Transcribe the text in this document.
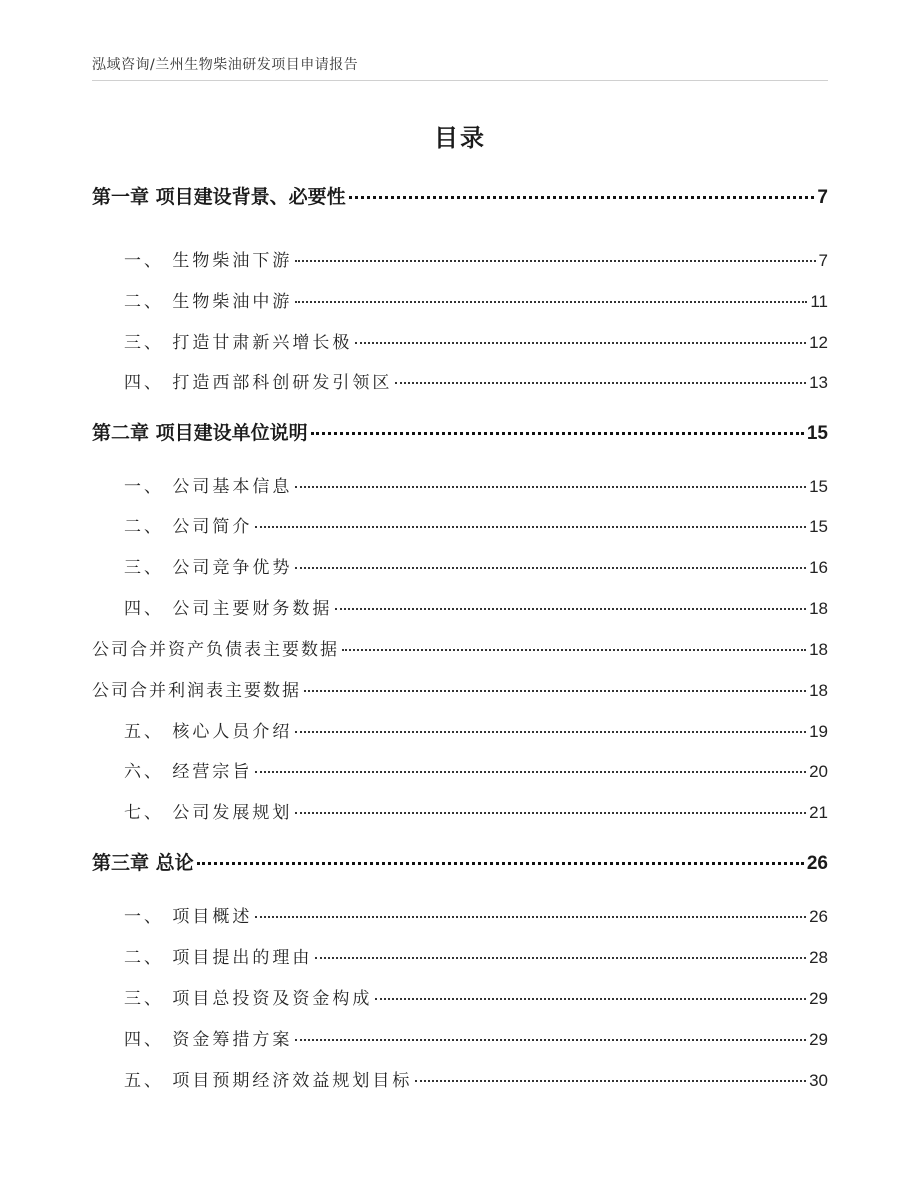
泓域咨询/兰州生物柴油研发项目申请报告
目录
第一章 项目建设背景、必要性	7
一、 生物柴油下游	7
二、 生物柴油中游	11
三、 打造甘肃新兴增长极	12
四、 打造西部科创研发引领区	13
第二章 项目建设单位说明	15
一、 公司基本信息	15
二、 公司简介	15
三、 公司竞争优势	16
四、 公司主要财务数据	18
公司合并资产负债表主要数据	18
公司合并利润表主要数据	18
五、 核心人员介绍	19
六、 经营宗旨	20
七、 公司发展规划	21
第三章 总论	26
一、 项目概述	26
二、 项目提出的理由	28
三、 项目总投资及资金构成	29
四、 资金筹措方案	29
五、 项目预期经济效益规划目标	30
